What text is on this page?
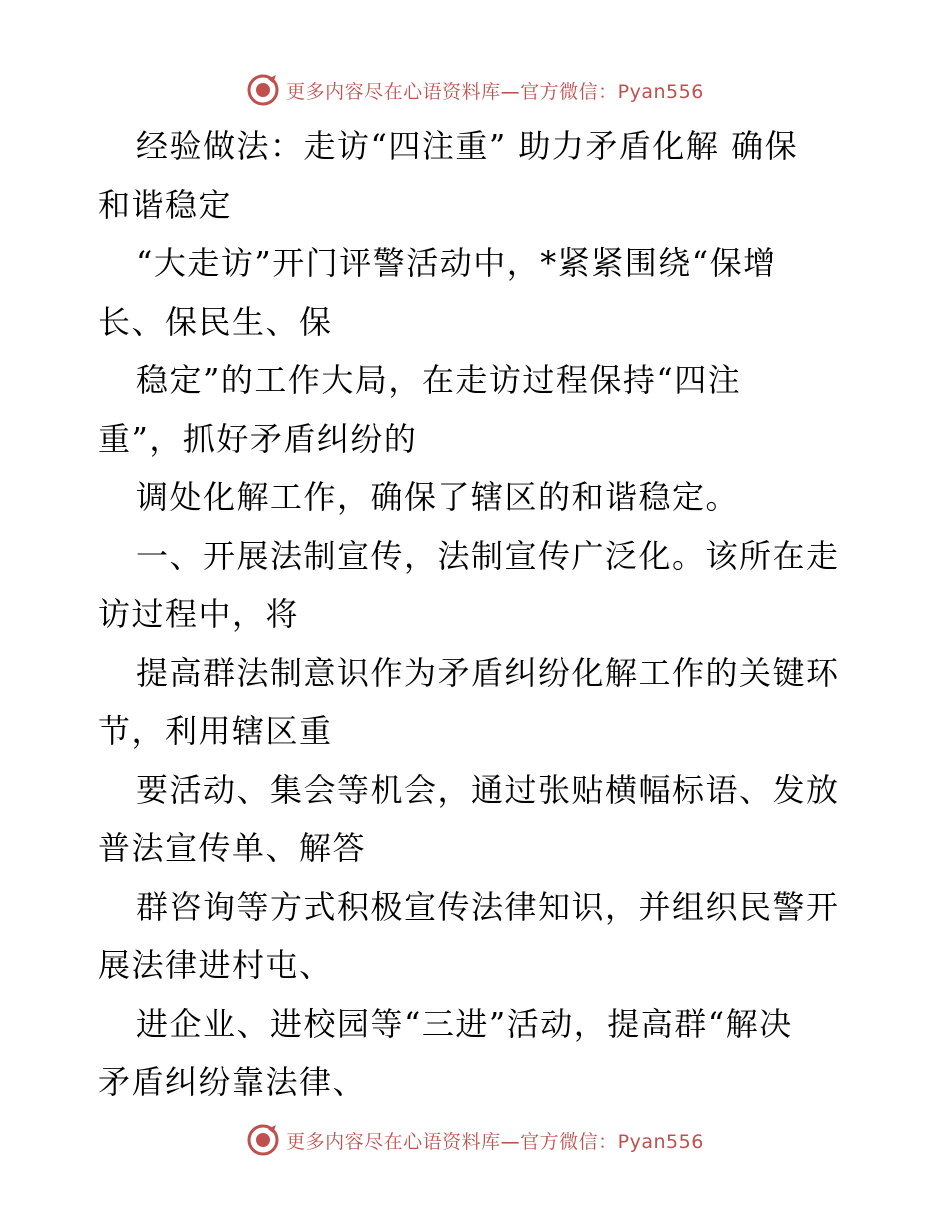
更多内容尽在心语资料库—官方微信：Pyan556
经验做法：走访“四注重” 助力矛盾化解 确保
和谐稳定
“大走访”开门评警活动中，*紧紧围绕“保增
长、保民生、保
稳定”的工作大局，在走访过程保持“四注
重”，抓好矛盾纠纷的
调处化解工作，确保了辖区的和谐稳定。
一、开展法制宣传，法制宣传广泛化。该所在走
访过程中，将
提高群法制意识作为矛盾纠纷化解工作的关键环
节，利用辖区重
要活动、集会等机会，通过张贴横幅标语、发放
普法宣传单、解答
群咨询等方式积极宣传法律知识，并组织民警开
展法律进村屯、
进企业、进校园等“三进”活动，提高群“解决
矛盾纠纷靠法律、
更多内容尽在心语资料库—官方微信：Pyan556
